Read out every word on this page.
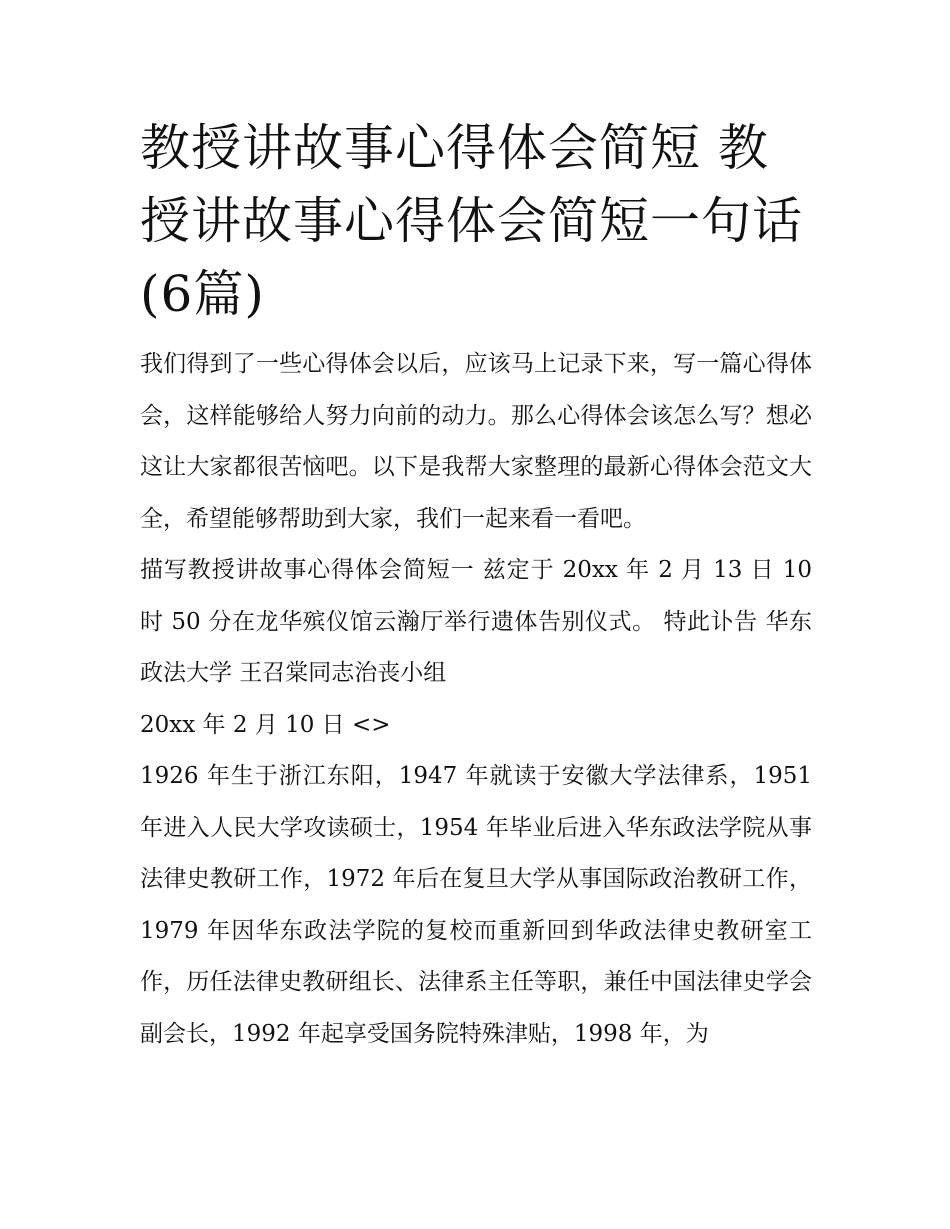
教授讲故事心得体会简短 教授讲故事心得体会简短一句话(6篇)

我们得到了一些心得体会以后，应该马上记录下来，写一篇心得体会，这样能够给人努力向前的动力。那么心得体会该怎么写？想必这让大家都很苦恼吧。以下是我帮大家整理的最新心得体会范文大全，希望能够帮助到大家，我们一起来看一看吧。

描写教授讲故事心得体会简短一 兹定于 20xx 年 2 月 13 日 10 时 50 分在龙华殡仪馆云瀚厅举行遗体告别仪式。 特此讣告 华东政法大学 王召棠同志治丧小组

20xx 年 2 月 10 日 <>

1926 年生于浙江东阳，1947 年就读于安徽大学法律系，1951 年进入人民大学攻读硕士，1954 年毕业后进入华东政法学院从事法律史教研工作，1972 年后在复旦大学从事国际政治教研工作，1979 年因华东政法学院的复校而重新回到华政法律史教研室工作，历任法律史教研组长、法律系主任等职，兼任中国法律史学会副会长，1992 年起享受国务院特殊津贴，1998 年，为
